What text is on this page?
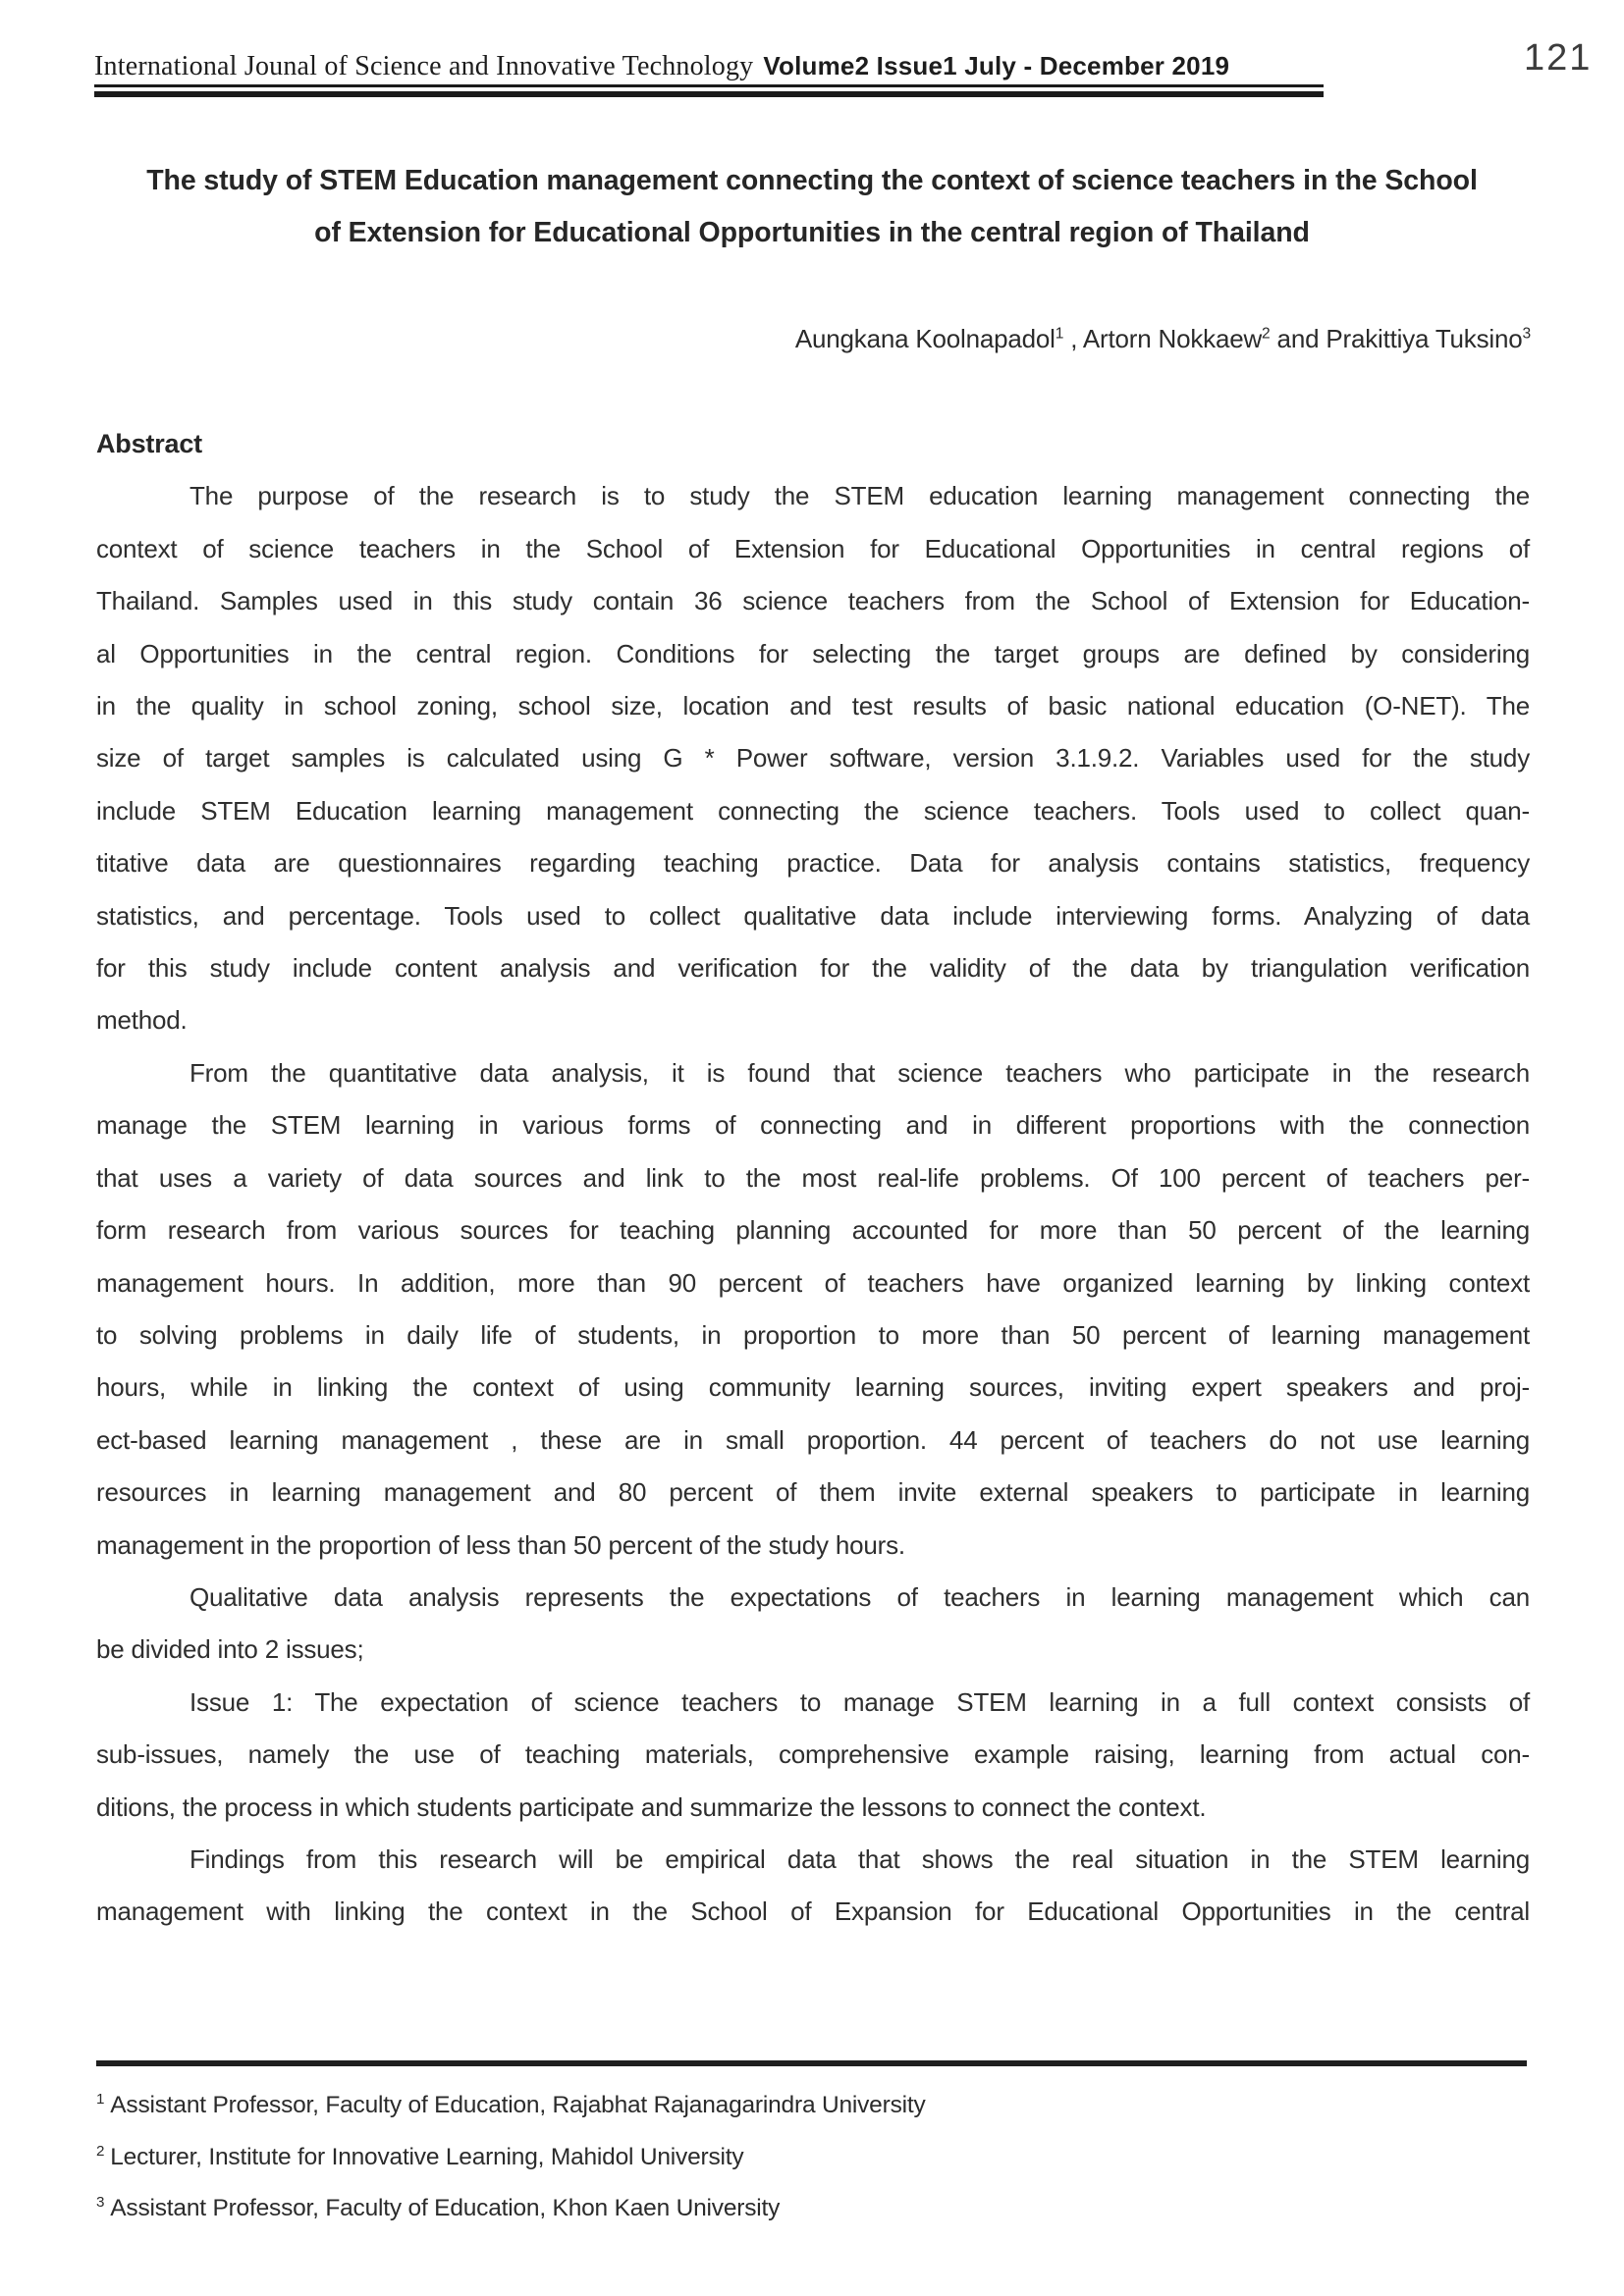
International Jounal of Science and Innovative Technology Volume2 Issue1 July - December 2019	121
The study of STEM Education management connecting the context of science teachers in the School
of Extension for Educational Opportunities in the central region of Thailand
Aungkana Koolnapadol$^1$ , Artorn Nokkaew$^2$ and Prakittiya Tuksino$^3$
Abstract
The purpose of the research is to study the STEM education learning management connecting the
context of science teachers in the School of Extension for Educational Opportunities in central regions of
Thailand. Samples used in this study contain 36 science teachers from the School of Extension for Education-
al Opportunities in the central region. Conditions for selecting the target groups are defined by considering
in the quality in school zoning, school size, location and test results of basic national education (O-NET). The
size of target samples is calculated using G * Power software, version 3.1.9.2. Variables used for the study
include STEM Education learning management connecting the science teachers. Tools used to collect quan-
titative data are questionnaires regarding teaching practice. Data for analysis contains statistics, frequency
statistics, and percentage. Tools used to collect qualitative data include interviewing forms. Analyzing of data
for this study include content analysis and verification for the validity of the data by triangulation verification
method.
From the quantitative data analysis, it is found that science teachers who participate in the research
manage the STEM learning in various forms of connecting and in different proportions with the connection
that uses a variety of data sources and link to the most real-life problems. Of 100 percent of teachers per-
form research from various sources for teaching planning accounted for more than 50 percent of the learning
management hours. In addition, more than 90 percent of teachers have organized learning by linking context
to solving problems in daily life of students, in proportion to more than 50 percent of learning management
hours, while in linking the context of using community learning sources, inviting expert speakers and proj-
ect-based learning management , these are in small proportion. 44 percent of teachers do not use learning
resources in learning management and 80 percent of them invite external speakers to participate in learning
management in the proportion of less than 50 percent of the study hours.
Qualitative data analysis represents the expectations of teachers in learning management which can
be divided into 2 issues;
Issue 1: The expectation of science teachers to manage STEM learning in a full context consists of
sub-issues, namely the use of teaching materials, comprehensive example raising, learning from actual con-
ditions, the process in which students participate and summarize the lessons to connect the context.
Findings from this research will be empirical data that shows the real situation in the STEM learning
management with linking the context in the School of Expansion for Educational Opportunities in the central
$^1$ Assistant Professor, Faculty of Education, Rajabhat Rajanagarindra University
$^2$ Lecturer, Institute for Innovative Learning, Mahidol University
$^3$ Assistant Professor, Faculty of Education, Khon Kaen University
